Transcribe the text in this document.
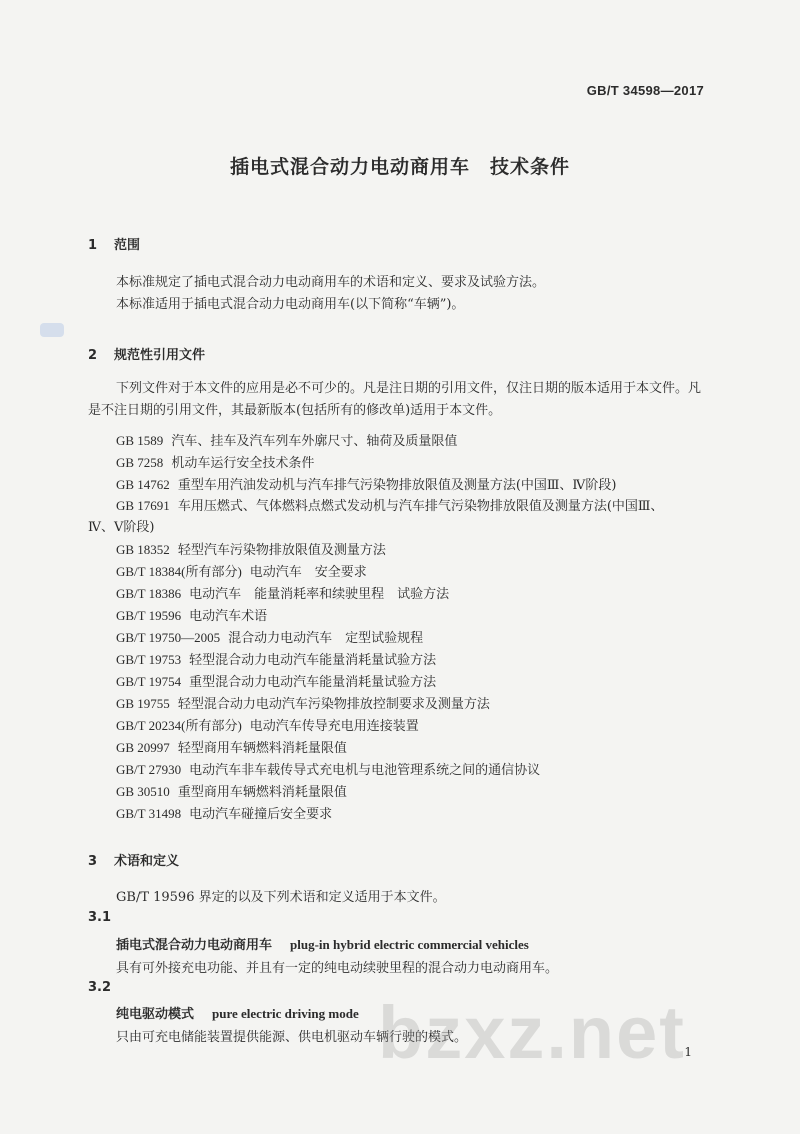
GB/T 34598—2017
插电式混合动力电动商用车　技术条件
1 范围
本标准规定了插电式混合动力电动商用车的术语和定义、要求及试验方法。
本标准适用于插电式混合动力电动商用车(以下简称“车辆”)。
2 规范性引用文件
下列文件对于本文件的应用是必不可少的。凡是注日期的引用文件，仅注日期的版本适用于本文件。凡是不注日期的引用文件，其最新版本(包括所有的修改单)适用于本文件。
GB 1589 汽车、挂车及汽车列车外廓尺寸、轴荷及质量限值
GB 7258 机动车运行安全技术条件
GB 14762 重型车用汽油发动机与汽车排气污染物排放限值及测量方法(中国Ⅲ、Ⅳ阶段)
GB 17691 车用压燃式、气体燃料点燃式发动机与汽车排气污染物排放限值及测量方法(中国Ⅲ、
Ⅳ、Ⅴ阶段)
GB 18352 轻型汽车污染物排放限值及测量方法
GB/T 18384(所有部分) 电动汽车　安全要求
GB/T 18386 电动汽车　能量消耗率和续驶里程　试验方法
GB/T 19596 电动汽车术语
GB/T 19750—2005 混合动力电动汽车　定型试验规程
GB/T 19753 轻型混合动力电动汽车能量消耗量试验方法
GB/T 19754 重型混合动力电动汽车能量消耗量试验方法
GB 19755 轻型混合动力电动汽车污染物排放控制要求及测量方法
GB/T 20234(所有部分) 电动汽车传导充电用连接装置
GB 20997 轻型商用车辆燃料消耗量限值
GB/T 27930 电动汽车非车载传导式充电机与电池管理系统之间的通信协议
GB 30510 重型商用车辆燃料消耗量限值
GB/T 31498 电动汽车碰撞后安全要求
3 术语和定义
GB/T 19596 界定的以及下列术语和定义适用于本文件。
3.1
插电式混合动力电动商用车 plug-in hybrid electric commercial vehicles
具有可外接充电功能、并且有一定的纯电动续驶里程的混合动力电动商用车。
3.2
纯电驱动模式 pure electric driving mode
只由可充电储能装置提供能源、供电机驱动车辆行驶的模式。
bzxz.net
1
